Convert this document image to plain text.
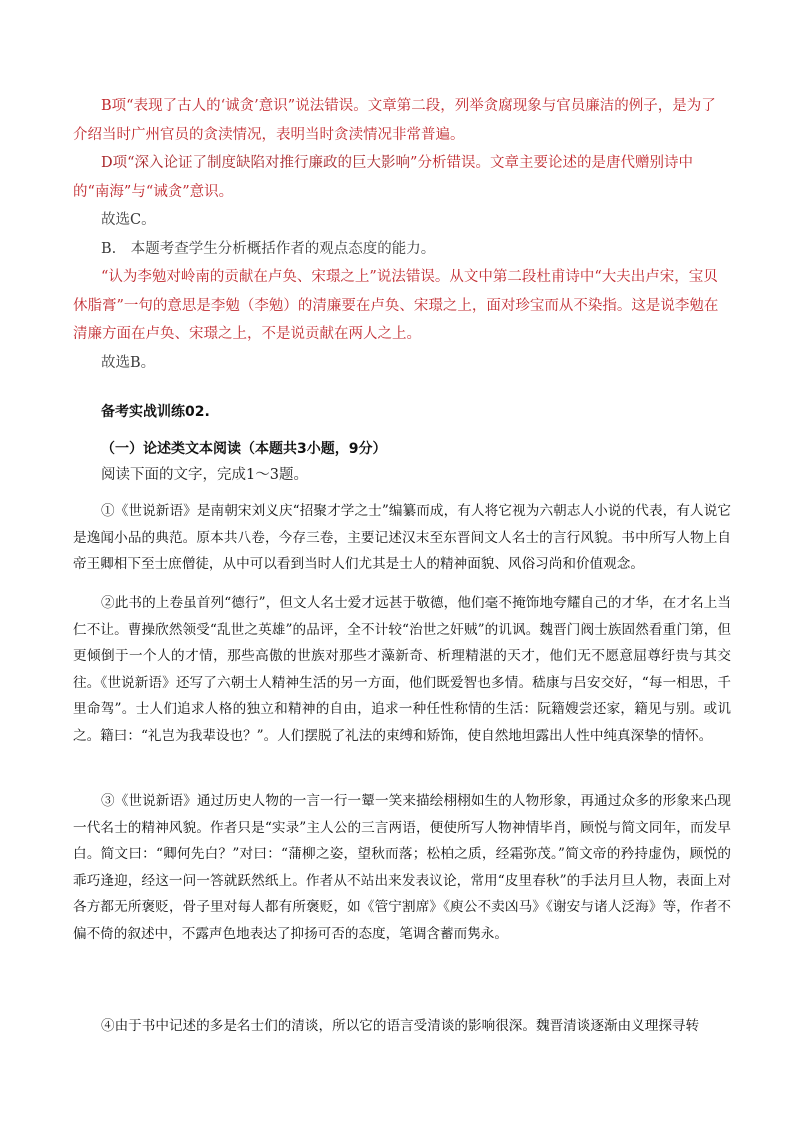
B项“表现了古人的‘诚贪’意识”说法错误。文章第二段，列举贪腐现象与官员廉洁的例子，是为了介绍当时广州官员的贪渎情况，表明当时贪渎情况非常普遍。

D项“深入论证了制度缺陷对推行廉政的巨大影响”分析错误。文章主要论述的是唐代赠别诗中的“南海”与“诫贪”意识。

故选C。

B.　本题考查学生分析概括作者的观点态度的能力。

“认为李勉对岭南的贡献在卢奂、宋璟之上”说法错误。从文中第二段杜甫诗中“大夫出卢宋，宝贝休脂膏”一句的意思是李勉（李勉）的清廉要在卢奂、宋璟之上，面对珍宝而从不染指。这是说李勉在清廉方面在卢奂、宋璟之上，不是说贡献在两人之上。

故选B。

备考实战训练02.
（一）论述类文本阅读（本题共3小题，9分）
阅读下面的文字，完成1～3题。

①《世说新语》是南朝宋刘义庆“招聚才学之士”编纂而成，有人将它视为六朝志人小说的代表，有人说它是逸闻小品的典范。原本共八卷，今存三卷，主要记述汉末至东晋间文人名士的言行风貌。书中所写人物上自帝王卿相下至士庶僧徒，从中可以看到当时人们尤其是士人的精神面貌、风俗习尚和价值观念。

②此书的上卷虽首列“德行”，但文人名士爱才远甚于敬德，他们毫不掩饰地夸耀自己的才华，在才名上当仁不让。曹操欣然领受“乱世之英雄”的品评，全不计较“治世之奸贼”的讥讽。魏晋门阀士族固然看重门第，但更倾倒于一个人的才情，那些高傲的世族对那些才藻新奇、析理精湛的天才，他们无不愿意屈尊纡贵与其交往。《世说新语》还写了六朝士人精神生活的另一方面，他们既爱智也多情。嵇康与吕安交好，“每一相思，千里命驾”。士人们追求人格的独立和精神的自由，追求一种任性称情的生活：阮籍嫂尝还家，籍见与别。或讥之。籍曰：“礼岂为我辈设也？”。人们摆脱了礼法的束缚和矫饰，使自然地坦露出人性中纯真深挚的情怀。

③《世说新语》通过历史人物的一言一行一颦一笑来描绘栩栩如生的人物形象，再通过众多的形象来凸现一代名士的精神风貌。作者只是“实录”主人公的三言两语，便使所写人物神情毕肖，顾悦与简文同年，而发早白。简文曰：“卿何先白？”对曰：“蒲柳之姿，望秋而落；松柏之质，经霜弥茂。”简文帝的矜持虚伪，顾悦的乖巧逢迎，经这一问一答就跃然纸上。作者从不站出来发表议论，常用“皮里春秋”的手法月旦人物，表面上对各方都无所褒贬，骨子里对每人都有所褒贬，如《管宁割席》《庾公不卖凶马》《谢安与诸人泛海》等，作者不偏不倚的叙述中，不露声色地表达了抑扬可否的态度，笔调含蓄而隽永。

④由于书中记述的多是名士们的清谈，所以它的语言受清谈的影响很深。魏晋清谈逐渐由义理探寻转
